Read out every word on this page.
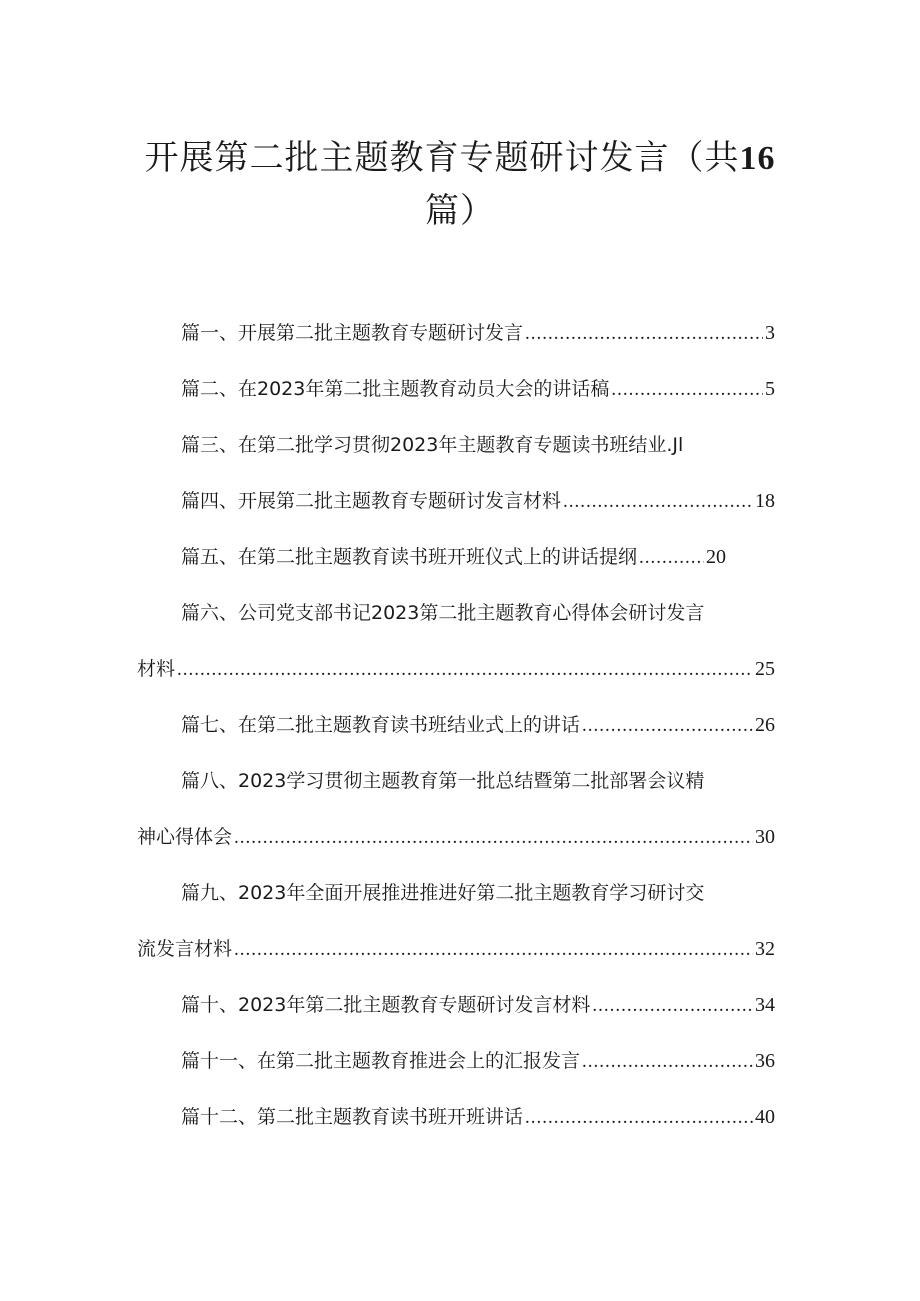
开展第二批主题教育专题研讨发言（共16
篇）
篇一、开展第二批主题教育专题研讨发言 .....	3
篇二、在2023年第二批主题教育动员大会的讲话稿 .....	5
篇三、在第二批学习贯彻2023年主题教育专题读书班结业.Jl
篇四、开展第二批主题教育专题研讨发言材料 .....	18
篇五、在第二批主题教育读书班开班仪式上的讲话提纲 .....	20
篇六、公司党支部书记2023第二批主题教育心得体会研讨发言
材料 .....	25
篇七、在第二批主题教育读书班结业式上的讲话 .....	26
篇八、2023学习贯彻主题教育第一批总结暨第二批部署会议精
神心得体会 .....	30
篇九、2023年全面开展推进推进好第二批主题教育学习研讨交
流发言材料 .....	32
篇十、2023年第二批主题教育专题研讨发言材料 .....	34
篇十一、在第二批主题教育推进会上的汇报发言 .....	36
篇十二、第二批主题教育读书班开班讲话 .....	40
